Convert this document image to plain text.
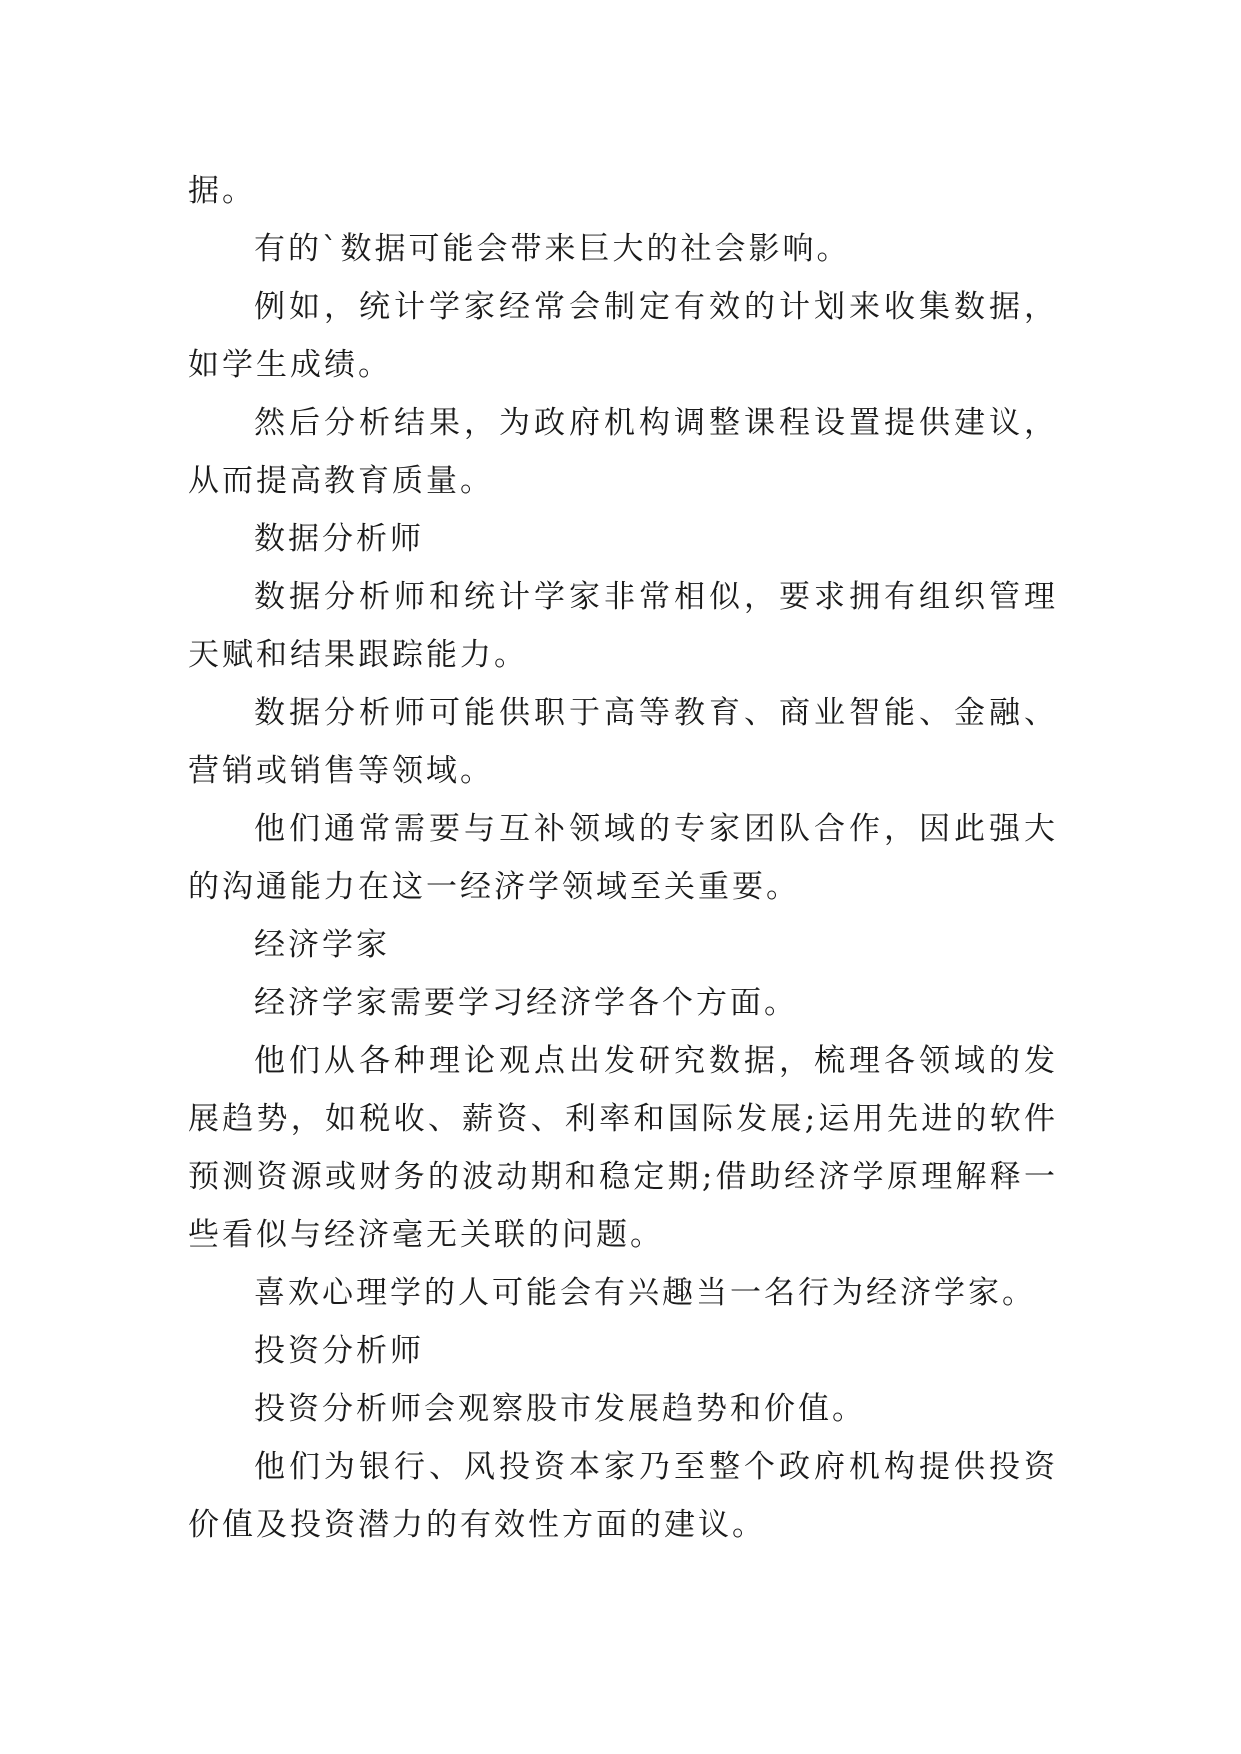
据。

有的`数据可能会带来巨大的社会影响。

例如，统计学家经常会制定有效的计划来收集数据，如学生成绩。

然后分析结果，为政府机构调整课程设置提供建议，从而提高教育质量。

数据分析师

数据分析师和统计学家非常相似，要求拥有组织管理天赋和结果跟踪能力。

数据分析师可能供职于高等教育、商业智能、金融、营销或销售等领域。

他们通常需要与互补领域的专家团队合作，因此强大的沟通能力在这一经济学领域至关重要。

经济学家

经济学家需要学习经济学各个方面。

他们从各种理论观点出发研究数据，梳理各领域的发展趋势，如税收、薪资、利率和国际发展;运用先进的软件预测资源或财务的波动期和稳定期;借助经济学原理解释一些看似与经济毫无关联的问题。

喜欢心理学的人可能会有兴趣当一名行为经济学家。

投资分析师

投资分析师会观察股市发展趋势和价值。

他们为银行、风投资本家乃至整个政府机构提供投资价值及投资潜力的有效性方面的建议。
